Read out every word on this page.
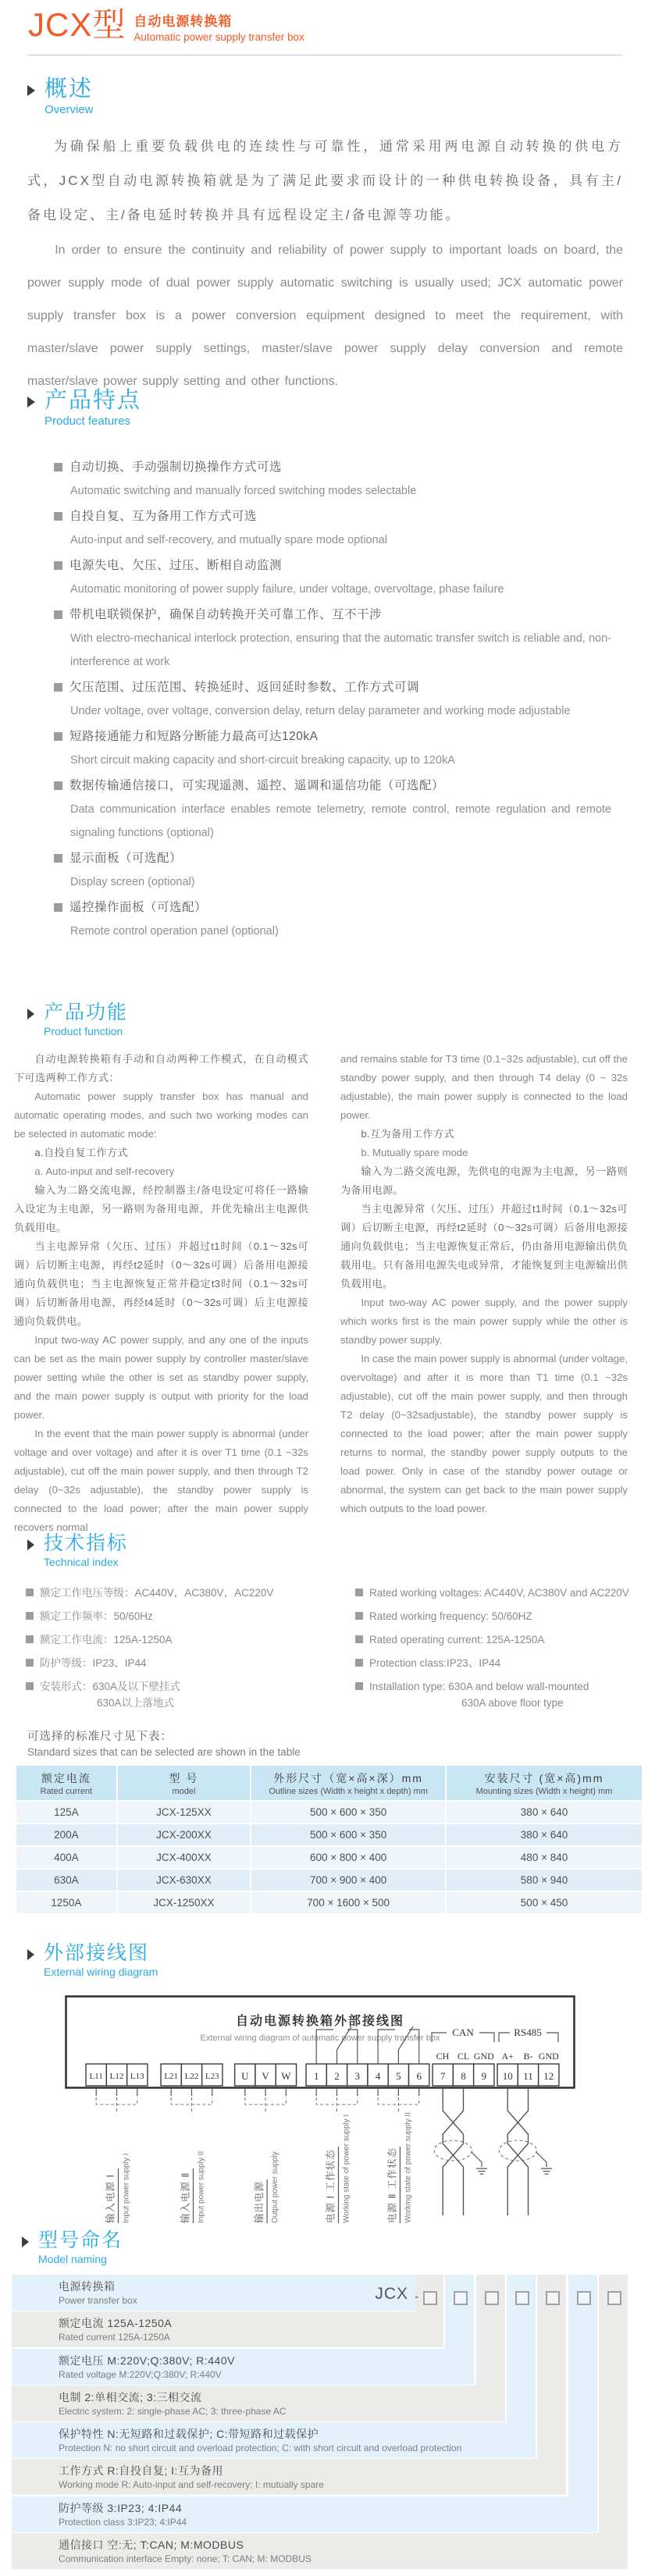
JCX型 自动电源转换箱
Automatic power supply transfer box
概述
Overview
为确保船上重要负载供电的连续性与可靠性，通常采用两电源自动转换的供电方式，JCX型自动电源转换箱就是为了满足此要求而设计的一种供电转换设备，具有主/备电设定、主/备电延时转换并具有远程设定主/备电源等功能。
In order to ensure the continuity and reliability of power supply to important loads on board, the power supply mode of dual power supply automatic switching is usually used; JCX automatic power supply transfer box is a power conversion equipment designed to meet the requirement, with master/slave power supply settings, master/slave power supply delay conversion and remote master/slave power supply setting and other functions.
产品特点
Product features
自动切换、手动强制切换操作方式可选
Automatic switching and manually forced switching modes selectable
自投自复、互为备用工作方式可选
Auto-input and self-recovery, and mutually spare mode optional
电源失电、欠压、过压、断相自动监测
Automatic monitoring of power supply failure, under voltage, overvoltage, phase failure
带机电联锁保护，确保自动转换开关可靠工作、互不干涉
With electro-mechanical interlock protection, ensuring that the automatic transfer switch is reliable and, non-interference at work
欠压范围、过压范围、转换延时、返回延时参数、工作方式可调
Under voltage, over voltage, conversion delay, return delay parameter and working mode adjustable
短路接通能力和短路分断能力最高可达120kA
Short circuit making capacity and short-circuit breaking capacity, up to 120kA
数据传输通信接口，可实现遥测、遥控、遥调和遥信功能（可选配）
Data communication interface enables remote telemetry, remote control, remote regulation and remote signaling functions (optional)
显示面板（可选配）
Display screen (optional)
遥控操作面板（可选配）
Remote control operation panel (optional)
产品功能
Product function

自动电源转换箱有手动和自动两种工作模式，在自动模式下可选两种工作方式：

Automatic power supply transfer box has manual and automatic operating modes, and such two working modes can be selected in automatic mode:

a.自投自复工作方式

a. Auto-input and self-recovery

输入为二路交流电源，经控制器主/备电设定可将任一路输入设定为主电源，另一路则为备用电源，并优先输出主电源供负载用电。

当主电源异常（欠压、过压）并超过t1时间（0.1～32s可调）后切断主电源，再经t2延时（0～32s可调）后备用电源接通向负载供电；当主电源恢复正常并稳定t3时间（0.1～32s可调）后切断备用电源，再经t4延时（0～32s可调）后主电源接通向负载供电。

Input two-way AC power supply, and any one of the inputs can be set as the main power supply by controller master/slave power setting while the other is set as standby power supply, and the main power supply is output with priority for the load power.

In the event that the main power supply is abnormal (under voltage and over voltage) and after it is over T1 time (0.1 ~32s adjustable), cut off the main power supply, and then through T2 delay (0~32s adjustable), the standby power supply is connected to the load power; after the main power supply recovers normal

and remains stable for T3 time (0.1~32s adjustable), cut off the standby power supply, and then through T4 delay (0 ~ 32s adjustable), the main power supply is connected to the load power.

b.互为备用工作方式

b. Mutually spare mode

输入为二路交流电源，先供电的电源为主电源，另一路则为备用电源。

当主电源异常（欠压、过压）并超过t1时间（0.1～32s可调）后切断主电源，再经t2延时（0～32s可调）后备用电源接通向负载供电；当主电源恢复正常后，仍由备用电源输出供负载用电。只有备用电源失电或异常，才能恢复到主电源输出供负载用电。

Input two-way AC power supply, and the power supply which works first is the main power supply while the other is standby power supply.

In case the main power supply is abnormal (under voltage, overvoltage) and after it is more than T1 time (0.1 ~32s adjustable), cut off the main power supply, and then through T2 delay (0~32sadjustable), the standby power supply is connected to the load power; after the main power supply returns to normal, the standby power supply outputs to the load power. Only in case of the standby power outage or abnormal, the system can get back to the main power supply which outputs to the load power.

技术指标
Technical index
额定工作电压等级：AC440V，AC380V，AC220V
额定工作频率：50/60Hz
额定工作电流：125A-1250A
防护等级：IP23、IP44
安装形式：630A及以下壁挂式
630A以上落地式
Rated working voltages: AC440V, AC380V and AC220V
Rated working frequency: 50/60HZ
Rated operating current: 125A-1250A
Protection class:IP23、IP44
Installation type: 630A and below wall-mounted
630A above floor type
可选择的标准尺寸见下表：
Standard sizes that can be selected are shown in the table
额定电流
Rated current
型 号
model
外形尺寸（宽×高×深）mm
Outline sizes (Width x height x depth) mm
安装尺寸 (宽×高)mm
Mounting sizes (Width x height) mm
125A	JCX-125XX	500 × 600 × 350	380 × 640
200A	JCX-200XX	500 × 600 × 350	380 × 640
400A	JCX-400XX	600 × 800 × 400	480 × 840
630A	JCX-630XX	700 × 900 × 400	580 × 940
1250A	JCX-1250XX	700 × 1600 × 500	500 × 450
外部接线图
External wiring diagram
自动电源转换箱外部接线图
External wiring diagram of automatic power supply transfer box CAN	RS485
CH CL GND A+ B- GND
L11 L12 L13 L21 L22 L23 U V W 1 2 3 4 5 6 7 8 9 10 11 12
输入电源 Ⅰ Input power supply I	输入电源 Ⅱ Input power supply II	输出电源 Output power supply	电源 Ⅰ 工作状态 Working state of power supply I	电源 Ⅱ 工作状态 Working state of power supply II
型号命名
Model naming
电源转换箱
Power transfer box
额定电流 125A-1250A
Rated current 125A-1250A
额定电压 M:220V;Q:380V; R:440V
Rated voltage M:220V;Q:380V; R:440V
电制 2:单相交流; 3:三相交流
Electric system: 2: single-phase AC; 3: three-phase AC
保护特性 N:无短路和过载保护; C:带短路和过载保护
Protection N: no short circuit and overload protection; C: with short circuit and overload protection
工作方式 R:自投自复; I:互为备用
Working mode R: Auto-input and self-recovery; I: mutually spare
防护等级 3:IP23; 4:IP44
Protection class 3:IP23; 4:IP44
通信接口 空:无; T:CAN; M:MODBUS
Communication interface Empty: none; T: CAN; M: MODBUS
JCX -
